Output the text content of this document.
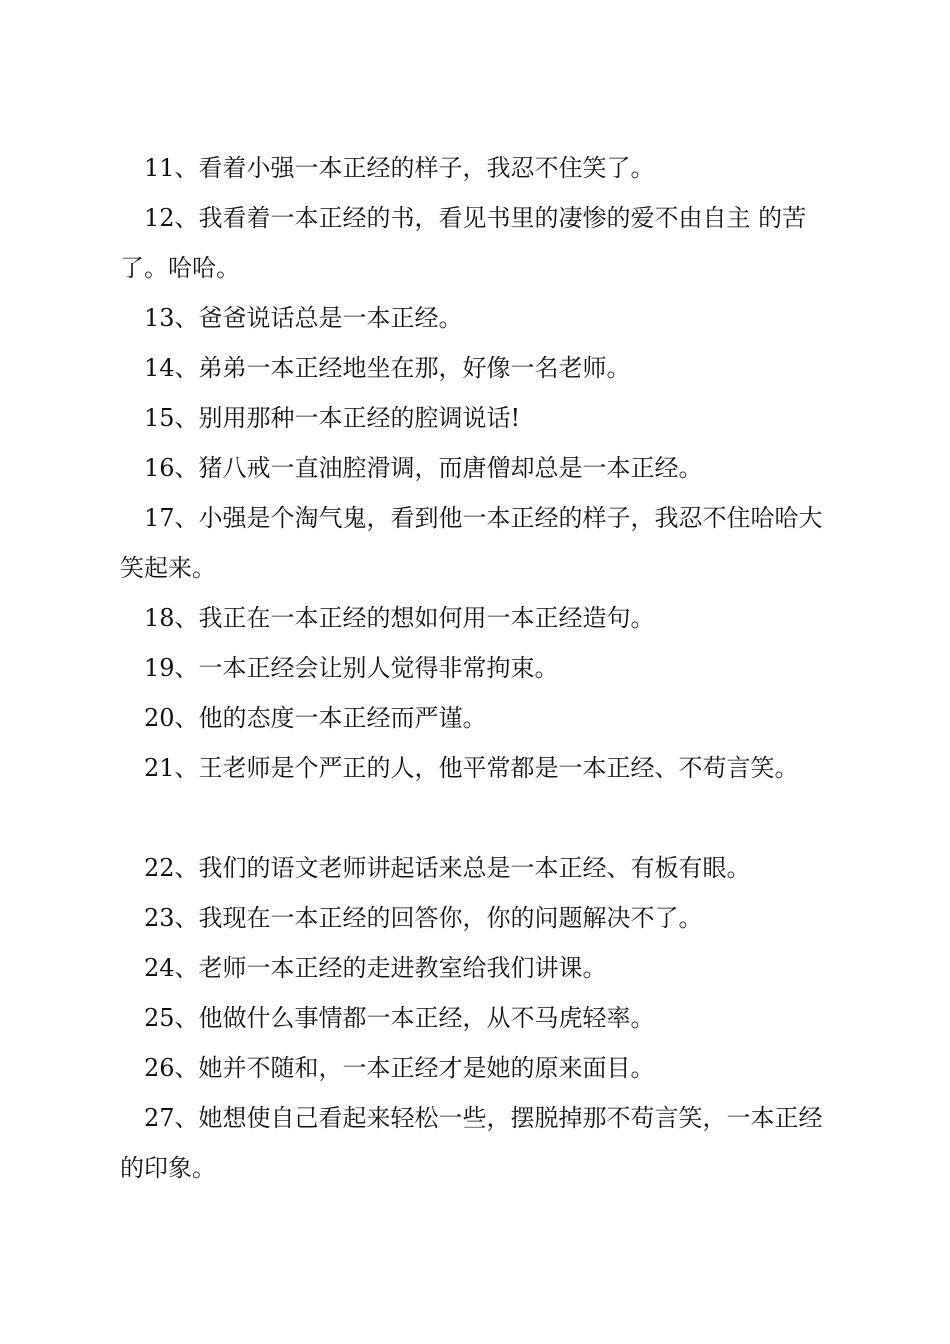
11、看着小强一本正经的样子，我忍不住笑了。

12、我看着一本正经的书，看见书里的凄惨的爱不由自主 的苦了。哈哈。

13、爸爸说话总是一本正经。

14、弟弟一本正经地坐在那，好像一名老师。

15、别用那种一本正经的腔调说话!

16、猪八戒一直油腔滑调，而唐僧却总是一本正经。

17、小强是个淘气鬼，看到他一本正经的样子，我忍不住哈哈大笑起来。

18、我正在一本正经的想如何用一本正经造句。

19、一本正经会让别人觉得非常拘束。

20、他的态度一本正经而严谨。

21、王老师是个严正的人，他平常都是一本正经、不苟言笑。

22、我们的语文老师讲起话来总是一本正经、有板有眼。

23、我现在一本正经的回答你，你的问题解决不了。

24、老师一本正经的走进教室给我们讲课。

25、他做什么事情都一本正经，从不马虎轻率。

26、她并不随和，一本正经才是她的原来面目。

27、她想使自己看起来轻松一些，摆脱掉那不苟言笑，一本正经的印象。
